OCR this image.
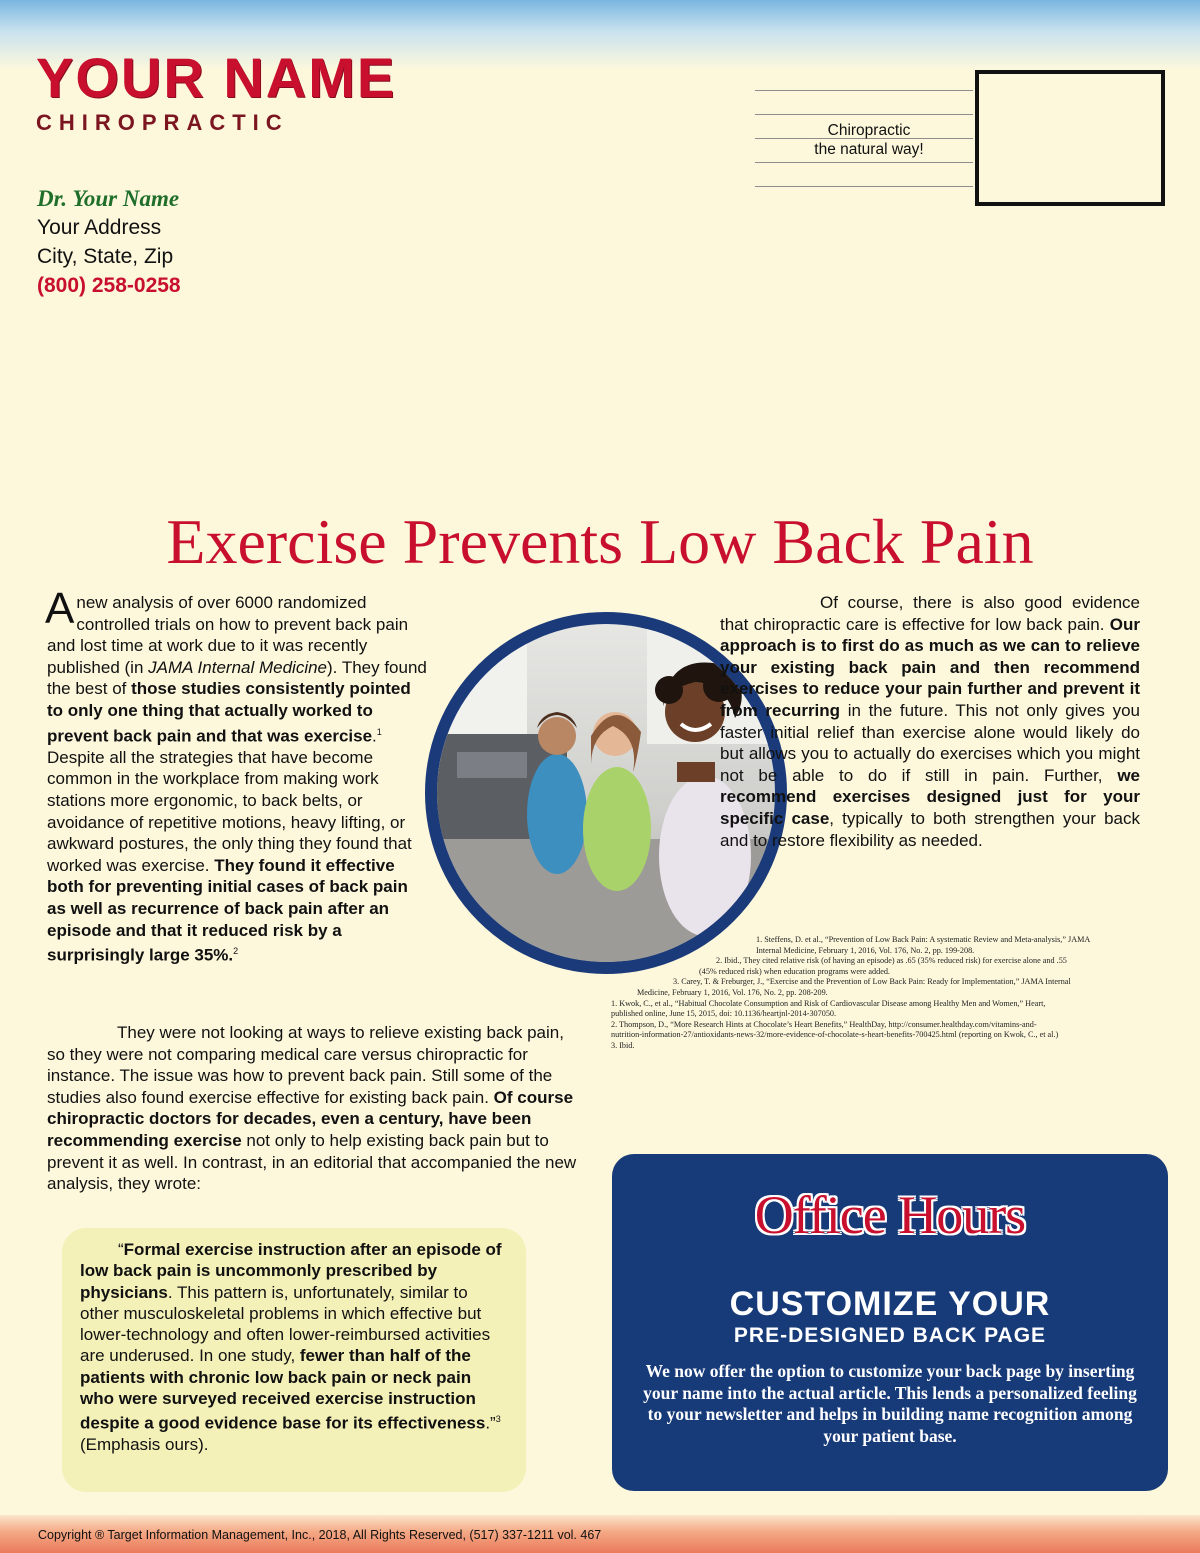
YOUR NAME
CHIROPRACTIC
Dr. Your Name
Your Address
City, State, Zip
(800) 258-0258
Chiropractic
the natural way!
Exercise Prevents Low Back Pain

Anew analysis of over 6000 randomized controlled trials on how to prevent back pain and lost time at work due to it was recently published (in JAMA Internal Medicine). They found the best of those studies consistently pointed to only one thing that actually worked to prevent back pain and that was exercise.$^1$ Despite all the strategies that have become common in the workplace from making work stations more ergonomic, to back belts, or avoidance of repetitive motions, heavy lifting, or awkward postures, the only thing they found that worked was exercise. They found it effective both for preventing initial cases of back pain as well as recurrence of back pain after an episode and that it reduced risk by a surprisingly large 35%.$^2$

They were not looking at ways to relieve existing back pain, so they were not comparing medical care versus chiropractic for instance. The issue was how to prevent back pain. Still some of the studies also found exercise effective for existing back pain. Of course chiropractic doctors for decades, even a century, have been recommending exercise not only to help existing back pain but to prevent it as well. In contrast, in an editorial that accompanied the new analysis, they wrote:

Of course, there is also good evidence that chiropractic care is effective for low back pain. Our approach is to first do as much as we can to relieve your existing back pain and then recommend exercises to reduce your pain further and prevent it from recurring in the future. This not only gives you faster initial relief than exercise alone would likely do but allows you to actually do exercises which you might not be able to do if still in pain. Further, we recommend exercises designed just for your specific case, typically to both strengthen your back and to restore flexibility as needed.

1. Steffens, D. et al., “Prevention of Low Back Pain: A systematic Review and Meta-analysis,” JAMA
Internal Medicine, February 1, 2016, Vol. 176, No. 2, pp. 199-208.
2. Ibid., They cited relative risk (of having an episode) as .65 (35% reduced risk) for exercise alone and .55
(45% reduced risk) when education programs were added.
3. Carey, T. & Freburger, J., “Exercise and the Prevention of Low Back Pain: Ready for Implementation,” JAMA Internal
Medicine, February 1, 2016, Vol. 176, No. 2, pp. 208-209.
1. Kwok, C., et al., “Habitual Chocolate Consumption and Risk of Cardiovascular Disease among Healthy Men and Women,” Heart,
published online, June 15, 2015, doi: 10.1136/heartjnl-2014-307050.
2. Thompson, D., “More Research Hints at Chocolate’s Heart Benefits,” HealthDay, http://consumer.healthday.com/vitamins-and-
nutrition-information-27/antioxidants-news-32/more-evidence-of-chocolate-s-heart-benefits-700425.html (reporting on Kwok, C., et al.)
3. Ibid.

“Formal exercise instruction after an episode of low back pain is uncommonly prescribed by physicians. This pattern is, unfortunately, similar to other musculoskeletal problems in which effective but lower-technology and often lower-reimbursed activities are underused. In one study, fewer than half of the patients with chronic low back pain or neck pain who were surveyed received exercise instruction despite a good evidence base for its effectiveness.”$^3$ (Emphasis ours).

Office Hours
CUSTOMIZE YOUR
PRE-DESIGNED BACK PAGE
We now offer the option to customize your back page by inserting your name into the actual article. This lends a personalized feeling to your newsletter and helps in building name recognition among your patient base.
Copyright ® Target Information Management, Inc., 2018, All Rights Reserved, (517) 337-1211 vol. 467
